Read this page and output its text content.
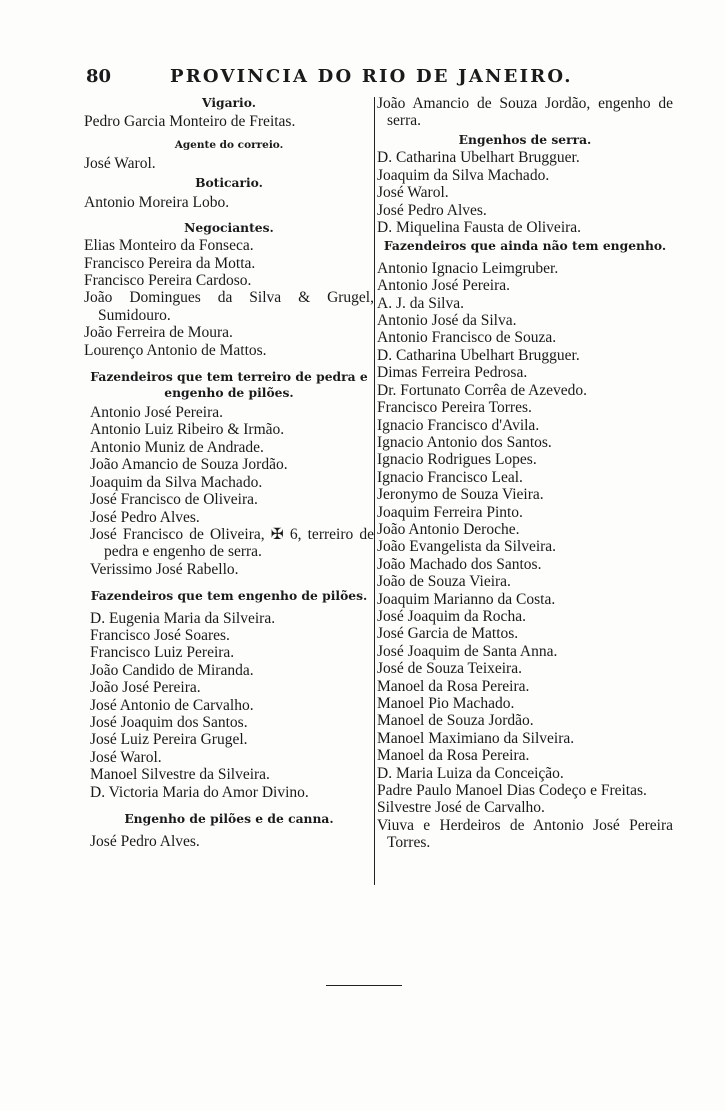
80	PROVINCIA DO RIO DE JANEIRO.
Vigario.
Pedro Garcia Monteiro de Freitas.
Agente do correio.
José Warol.
Boticario.
Antonio Moreira Lobo.
Negociantes.
Elias Monteiro da Fonseca.
Francisco Pereira da Motta.
Francisco Pereira Cardoso.
João Domingues da Silva & Grugel, Sumidouro.
João Ferreira de Moura.
Lourenço Antonio de Mattos.
Fazendeiros que tem terreiro de pedra e engenho de pilões.
Antonio José Pereira.
Antonio Luiz Ribeiro & Irmão.
Antonio Muniz de Andrade.
João Amancio de Souza Jordão.
Joaquim da Silva Machado.
José Francisco de Oliveira.
José Pedro Alves.
José Francisco de Oliveira, ✠ 6, terreiro de pedra e engenho de serra.
Verissimo José Rabello.
Fazendeiros que tem engenho de pilões.
D. Eugenia Maria da Silveira.
Francisco José Soares.
Francisco Luiz Pereira.
João Candido de Miranda.
João José Pereira.
José Antonio de Carvalho.
José Joaquim dos Santos.
José Luiz Pereira Grugel.
José Warol.
Manoel Silvestre da Silveira.
D. Victoria Maria do Amor Divino.
Engenho de pilões e de canna.
José Pedro Alves.
João Amancio de Souza Jordão, engenho de serra.
Engenhos de serra.
D. Catharina Ubelhart Brugguer.
Joaquim da Silva Machado.
José Warol.
José Pedro Alves.
D. Miquelina Fausta de Oliveira.
Fazendeiros que ainda não tem engenho.
Antonio Ignacio Leimgruber.
Antonio José Pereira.
A. J. da Silva.
Antonio José da Silva.
Antonio Francisco de Souza.
D. Catharina Ubelhart Brugguer.
Dimas Ferreira Pedrosa.
Dr. Fortunato Corrêa de Azevedo.
Francisco Pereira Torres.
Ignacio Francisco d'Avila.
Ignacio Antonio dos Santos.
Ignacio Rodrigues Lopes.
Ignacio Francisco Leal.
Jeronymo de Souza Vieira.
Joaquim Ferreira Pinto.
João Antonio Deroche.
João Evangelista da Silveira.
João Machado dos Santos.
João de Souza Vieira.
Joaquim Marianno da Costa.
José Joaquim da Rocha.
José Garcia de Mattos.
José Joaquim de Santa Anna.
José de Souza Teixeira.
Manoel da Rosa Pereira.
Manoel Pio Machado.
Manoel de Souza Jordão.
Manoel Maximiano da Silveira.
Manoel da Rosa Pereira.
D. Maria Luiza da Conceição.
Padre Paulo Manoel Dias Codeço e Freitas.
Silvestre José de Carvalho.
Viuva e Herdeiros de Antonio José Pereira Torres.
